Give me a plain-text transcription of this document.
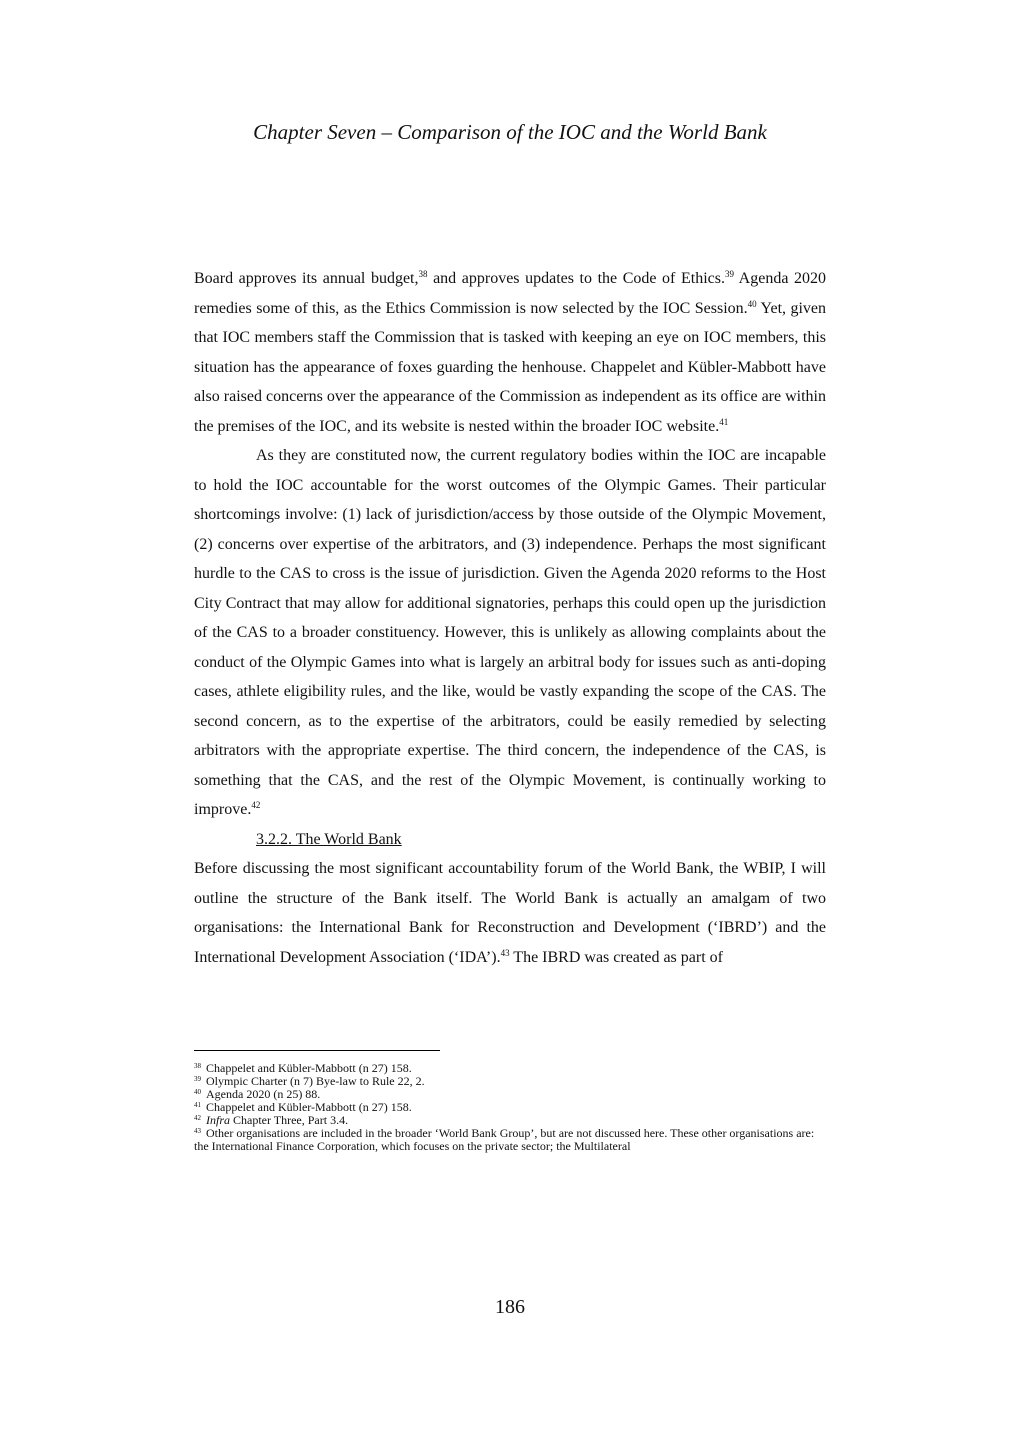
Chapter Seven – Comparison of the IOC and the World Bank

Board approves its annual budget,$^{38}$ and approves updates to the Code of Ethics.$^{39}$ Agenda 2020 remedies some of this, as the Ethics Commission is now selected by the IOC Session.$^{40}$ Yet, given that IOC members staff the Commission that is tasked with keeping an eye on IOC members, this situation has the appearance of foxes guarding the henhouse. Chappelet and Kübler-Mabbott have also raised concerns over the appearance of the Commission as independent as its office are within the premises of the IOC, and its website is nested within the broader IOC website.$^{41}$

As they are constituted now, the current regulatory bodies within the IOC are incapable to hold the IOC accountable for the worst outcomes of the Olympic Games. Their particular shortcomings involve: (1) lack of jurisdiction/access by those outside of the Olympic Movement, (2) concerns over expertise of the arbitrators, and (3) independence. Perhaps the most significant hurdle to the CAS to cross is the issue of jurisdiction. Given the Agenda 2020 reforms to the Host City Contract that may allow for additional signatories, perhaps this could open up the jurisdiction of the CAS to a broader constituency. However, this is unlikely as allowing complaints about the conduct of the Olympic Games into what is largely an arbitral body for issues such as anti-doping cases, athlete eligibility rules, and the like, would be vastly expanding the scope of the CAS. The second concern, as to the expertise of the arbitrators, could be easily remedied by selecting arbitrators with the appropriate expertise. The third concern, the independence of the CAS, is something that the CAS, and the rest of the Olympic Movement, is continually working to improve.$^{42}$

3.2.2. The World Bank

Before discussing the most significant accountability forum of the World Bank, the WBIP, I will outline the structure of the Bank itself. The World Bank is actually an amalgam of two organisations: the International Bank for Reconstruction and Development (‘IBRD’) and the International Development Association (‘IDA’).$^{43}$ The IBRD was created as part of

$^{38}$ Chappelet and Kübler-Mabbott (n 27) 158.

$^{39}$ Olympic Charter (n 7) Bye-law to Rule 22, 2.

$^{40}$ Agenda 2020 (n 25) 88.

$^{41}$ Chappelet and Kübler-Mabbott (n 27) 158.

$^{42}$ Infra Chapter Three, Part 3.4.

$^{43}$ Other organisations are included in the broader ‘World Bank Group’, but are not discussed here. These other organisations are: the International Finance Corporation, which focuses on the private sector; the Multilateral

186
